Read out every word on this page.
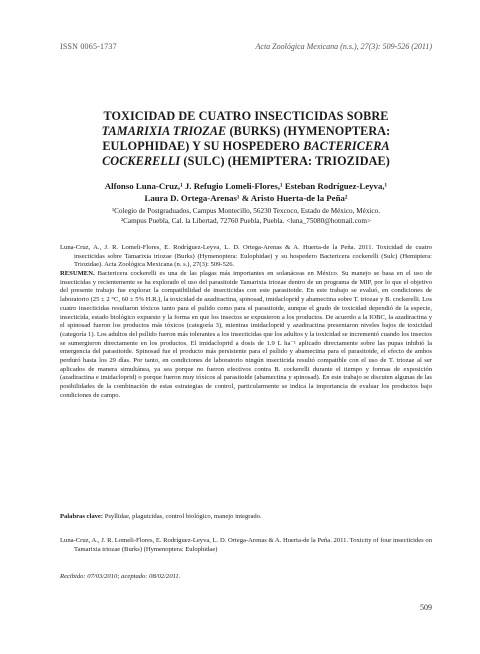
ISSN 0065-1737	Acta Zoológica Mexicana (n.s.), 27(3): 509-526 (2011)
TOXICIDAD DE CUATRO INSECTICIDAS SOBRE
TAMARIXIA TRIOZAE (BURKS) (HYMENOPTERA:
EULOPHIDAE) Y SU HOSPEDERO BACTERICERA
COCKERELLI (SULC) (HEMIPTERA: TRIOZIDAE)
Alfonso Luna-Cruz,¹ J. Refugio Lomeli-Flores,¹ Esteban Rodríguez-Leyva,¹
Laura D. Ortega-Arenas¹ & Aristo Huerta-de la Peña²
¹Colegio de Postgraduados, Campus Montecillo, 56230 Texcoco, Estado de México, México.
²Campus Puebla, Cal. la Libertad, 72760 Puebla, Puebla. <luna_75080@hotmail.com>
Luna-Cruz, A., J. R. Lomeli-Flores, E. Rodríguez-Leyva, L. D. Ortega-Arenas & A. Huerta-de la Peña. 2011. Toxicidad de cuatro insecticidas sobre Tamarixia triozae (Burks) (Hymenoptera: Eulophidae) y su hospedero Bactericera cockerelli (Sulc) (Hemiptera: Triozidae). Acta Zoológica Mexicana (n. s.), 27(3): 509-526.

RESUMEN. Bactericera cockerelli es una de las plagas más importantes en solanáceas en México. Su manejo se basa en el uso de insecticidas y recientemente se ha explorado el uso del parasitoide Tamarixia triozae dentro de un programa de MIP, por lo que el objetivo del presente trabajo fue explorar la compatibilidad de insecticidas con este parasitoide. En este trabajo se evaluó, en condiciones de laboratorio (25 ± 2 °C, 60 ± 5% H.R.), la toxicidad de azadiractina, spinosad, imidacloprid y abamectina sobre T. triozae y B. cockerelli. Los cuatro insecticidas resultaron tóxicos tanto para el pulido como para el parasitoide, aunque el grado de toxicidad dependió de la especie, insecticida, estado biológico expuesto y la forma en que los insectos se expusieron a los productos. De acuerdo a la IOBC, la azadiractina y el spinosad fueron los productos más tóxicos (categoría 3), mientras imidacloprid y azadiractina presentaron niveles bajos de toxicidad (categoría 1). Los adultos del psílido fueron más tolerantes a los insecticidas que los adultos y la toxicidad se incrementó cuando los insectos se sumergieron directamente en los productos. El imidacloprid a dosis de 1.9 L ha⁻¹ aplicado directamente sobre las pupas inhibió la emergencia del parasitoide. Spinosad fue el producto más persistente para el psílido y abamectina para el parasitoide, el efecto de ambos perduró hasta los 29 días. Por tanto, en condiciones de laboratorio ningún insecticida resultó compatible con el uso de T. triozae al ser aplicados de manera simultánea, ya sea porque no fueron efectivos contra B. cockerelli durante el tiempo y formas de exposición (azadiractina e imidacloprid) o porque fueron muy tóxicos al parasitoide (abamectina y spinosad). En este trabajo se discuten algunas de las posibilidades de la combinación de estas estrategias de control, particularmente se indica la importancia de evaluar los productos bajo condiciones de campo.

Palabras clave: Psyllidae, plaguicidas, control biológico, manejo integrado.

Luna-Cruz, A., J. R. Lomeli-Flores, E. Rodríguez-Leyva, L. D. Ortega-Arenas & A. Huerta-de la Peña. 2011. Toxicity of four insecticides on Tamarixia triozae (Burks) (Hymenoptera: Eulophidae)
Recibido: 07/03/2010; aceptado: 08/02/2011.
509
